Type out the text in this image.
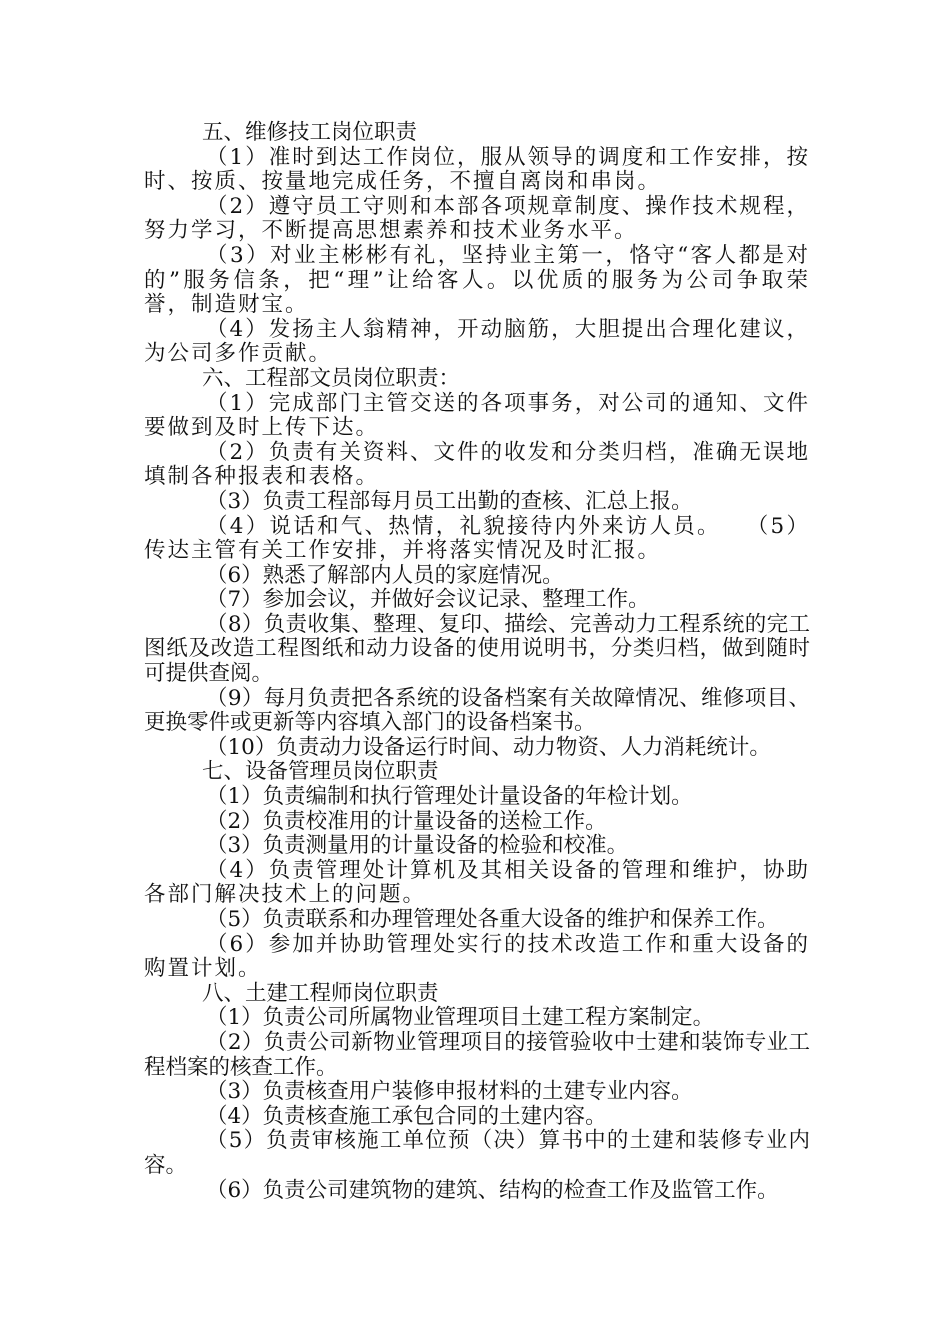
五、维修技工岗位职责

（1）准时到达工作岗位，服从领导的调度和工作安排，按时、按质、按量地完成任务，不擅自离岗和串岗。

（2）遵守员工守则和本部各项规章制度、操作技术规程，努力学习，不断提高思想素养和技术业务水平。

（3）对业主彬彬有礼，坚持业主第一，恪守“客人都是对的”服务信条，把“理”让给客人。以优质的服务为公司争取荣誉，制造财宝。

（4）发扬主人翁精神，开动脑筋，大胆提出合理化建议，为公司多作贡献。

六、工程部文员岗位职责：

（1）完成部门主管交送的各项事务，对公司的通知、文件要做到及时上传下达。

（2）负责有关资料、文件的收发和分类归档，准确无误地填制各种报表和表格。

（3）负责工程部每月员工出勤的查核、汇总上报。

（4）说话和气、热情，礼貌接待内外来访人员。　　（5）传达主管有关工作安排，并将落实情况及时汇报。

（6）熟悉了解部内人员的家庭情况。

（7）参加会议，并做好会议记录、整理工作。

（8）负责收集、整理、复印、描绘、完善动力工程系统的完工图纸及改造工程图纸和动力设备的使用说明书，分类归档，做到随时可提供查阅。

（9）每月负责把各系统的设备档案有关故障情况、维修项目、更换零件或更新等内容填入部门的设备档案书。

（10）负责动力设备运行时间、动力物资、人力消耗统计。

七、设备管理员岗位职责

（1）负责编制和执行管理处计量设备的年检计划。

（2）负责校准用的计量设备的送检工作。

（3）负责测量用的计量设备的检验和校准。

（4）负责管理处计算机及其相关设备的管理和维护，协助各部门解决技术上的问题。

（5）负责联系和办理管理处各重大设备的维护和保养工作。

（6）参加并协助管理处实行的技术改造工作和重大设备的购置计划。

八、土建工程师岗位职责

（1）负责公司所属物业管理项目土建工程方案制定。

（2）负责公司新物业管理项目的接管验收中士建和装饰专业工程档案的核查工作。

（3）负责核查用户装修申报材料的土建专业内容。

（4）负责核查施工承包合同的土建内容。

（5）负责审核施工单位预（决）算书中的土建和装修专业内容。

（6）负责公司建筑物的建筑、结构的检查工作及监管工作。
